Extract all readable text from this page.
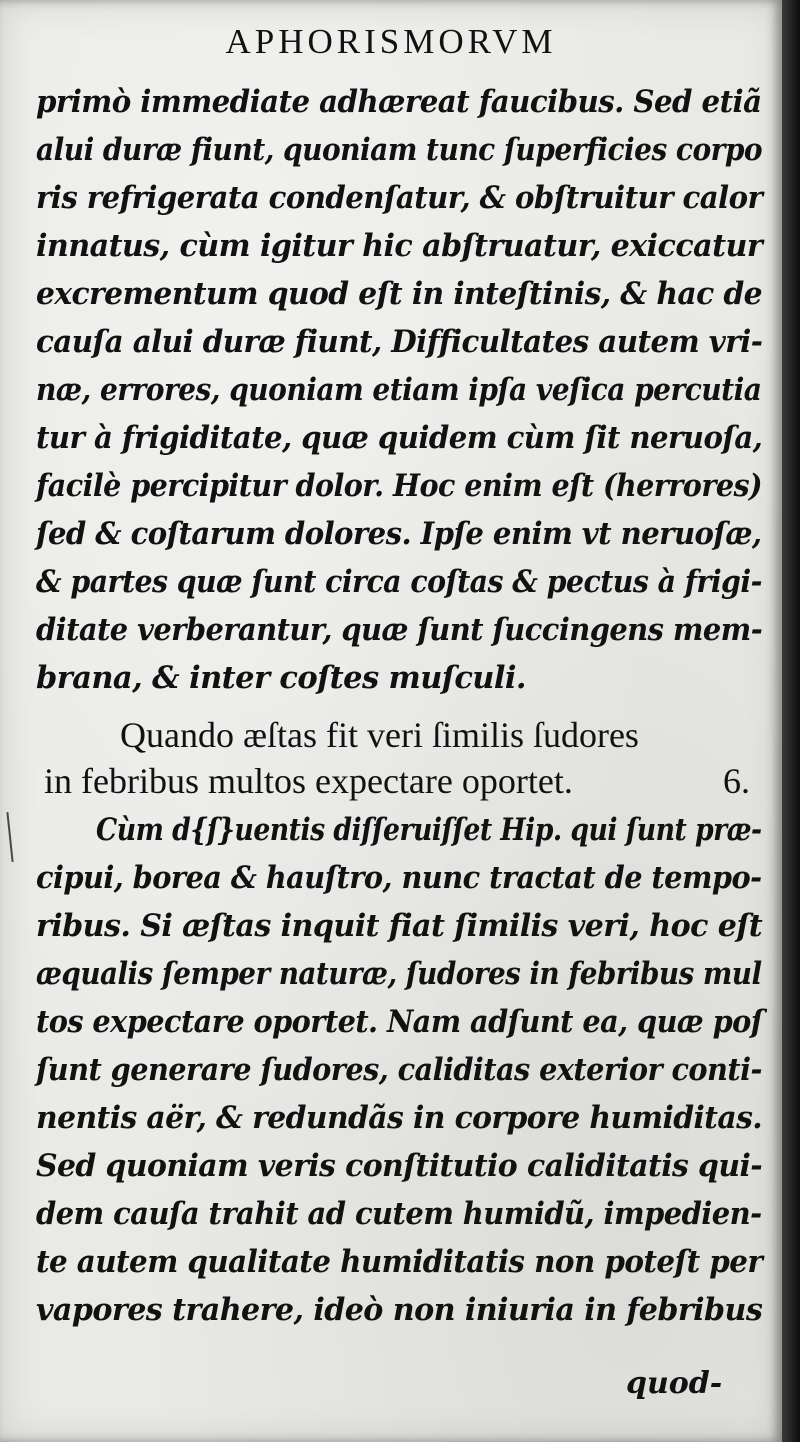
APHORISMORVM
primò immediate adhæreat faucibus. Sed etiã
alui duræ fiunt, quoniam tunc ſuperficies corpo
ris refrigerata condenſatur, & obſtruitur calor
innatus, cùm igitur hic abſtruatur, exiccatur
excrementum quod eſt in inteſtinis, & hac de
cauſa alui duræ fiunt, Difficultates autem vri-
næ, errores, quoniam etiam ipſa veſica percutia
tur à frigiditate, quæ quidem cùm ſit neruoſa,
facilè percipitur dolor. Hoc enim eſt (herrores)
ſed & coſtarum dolores. Ipſe enim vt neruoſæ,
& partes quæ ſunt circa coſtas & pectus à frigi-
ditate verberantur, quæ ſunt ſuccingens mem-
brana, & inter coſtes muſculi.
Quando æſtas fit veri ſimilis ſudores
in febribus multos expectare oportet.	6.
Cùm d{ſ}uentis diſſeruiſſet Hip. qui ſunt præ-
cipui, borea & hauſtro, nunc tractat de tempo-
ribus. Si æſtas inquit fiat ſimilis veri, hoc eſt
æqualis ſemper naturæ, ſudores in febribus mul
tos expectare oportet. Nam adſunt ea, quæ poſ
ſunt generare ſudores, caliditas exterior conti-
nentis aër, & redundãs in corpore humiditas.
Sed quoniam veris conſtitutio caliditatis qui-
dem cauſa trahit ad cutem humidũ, impedien-
te autem qualitate humiditatis non poteſt per
vapores trahere, ideò non iniuria in febribus
quod-
